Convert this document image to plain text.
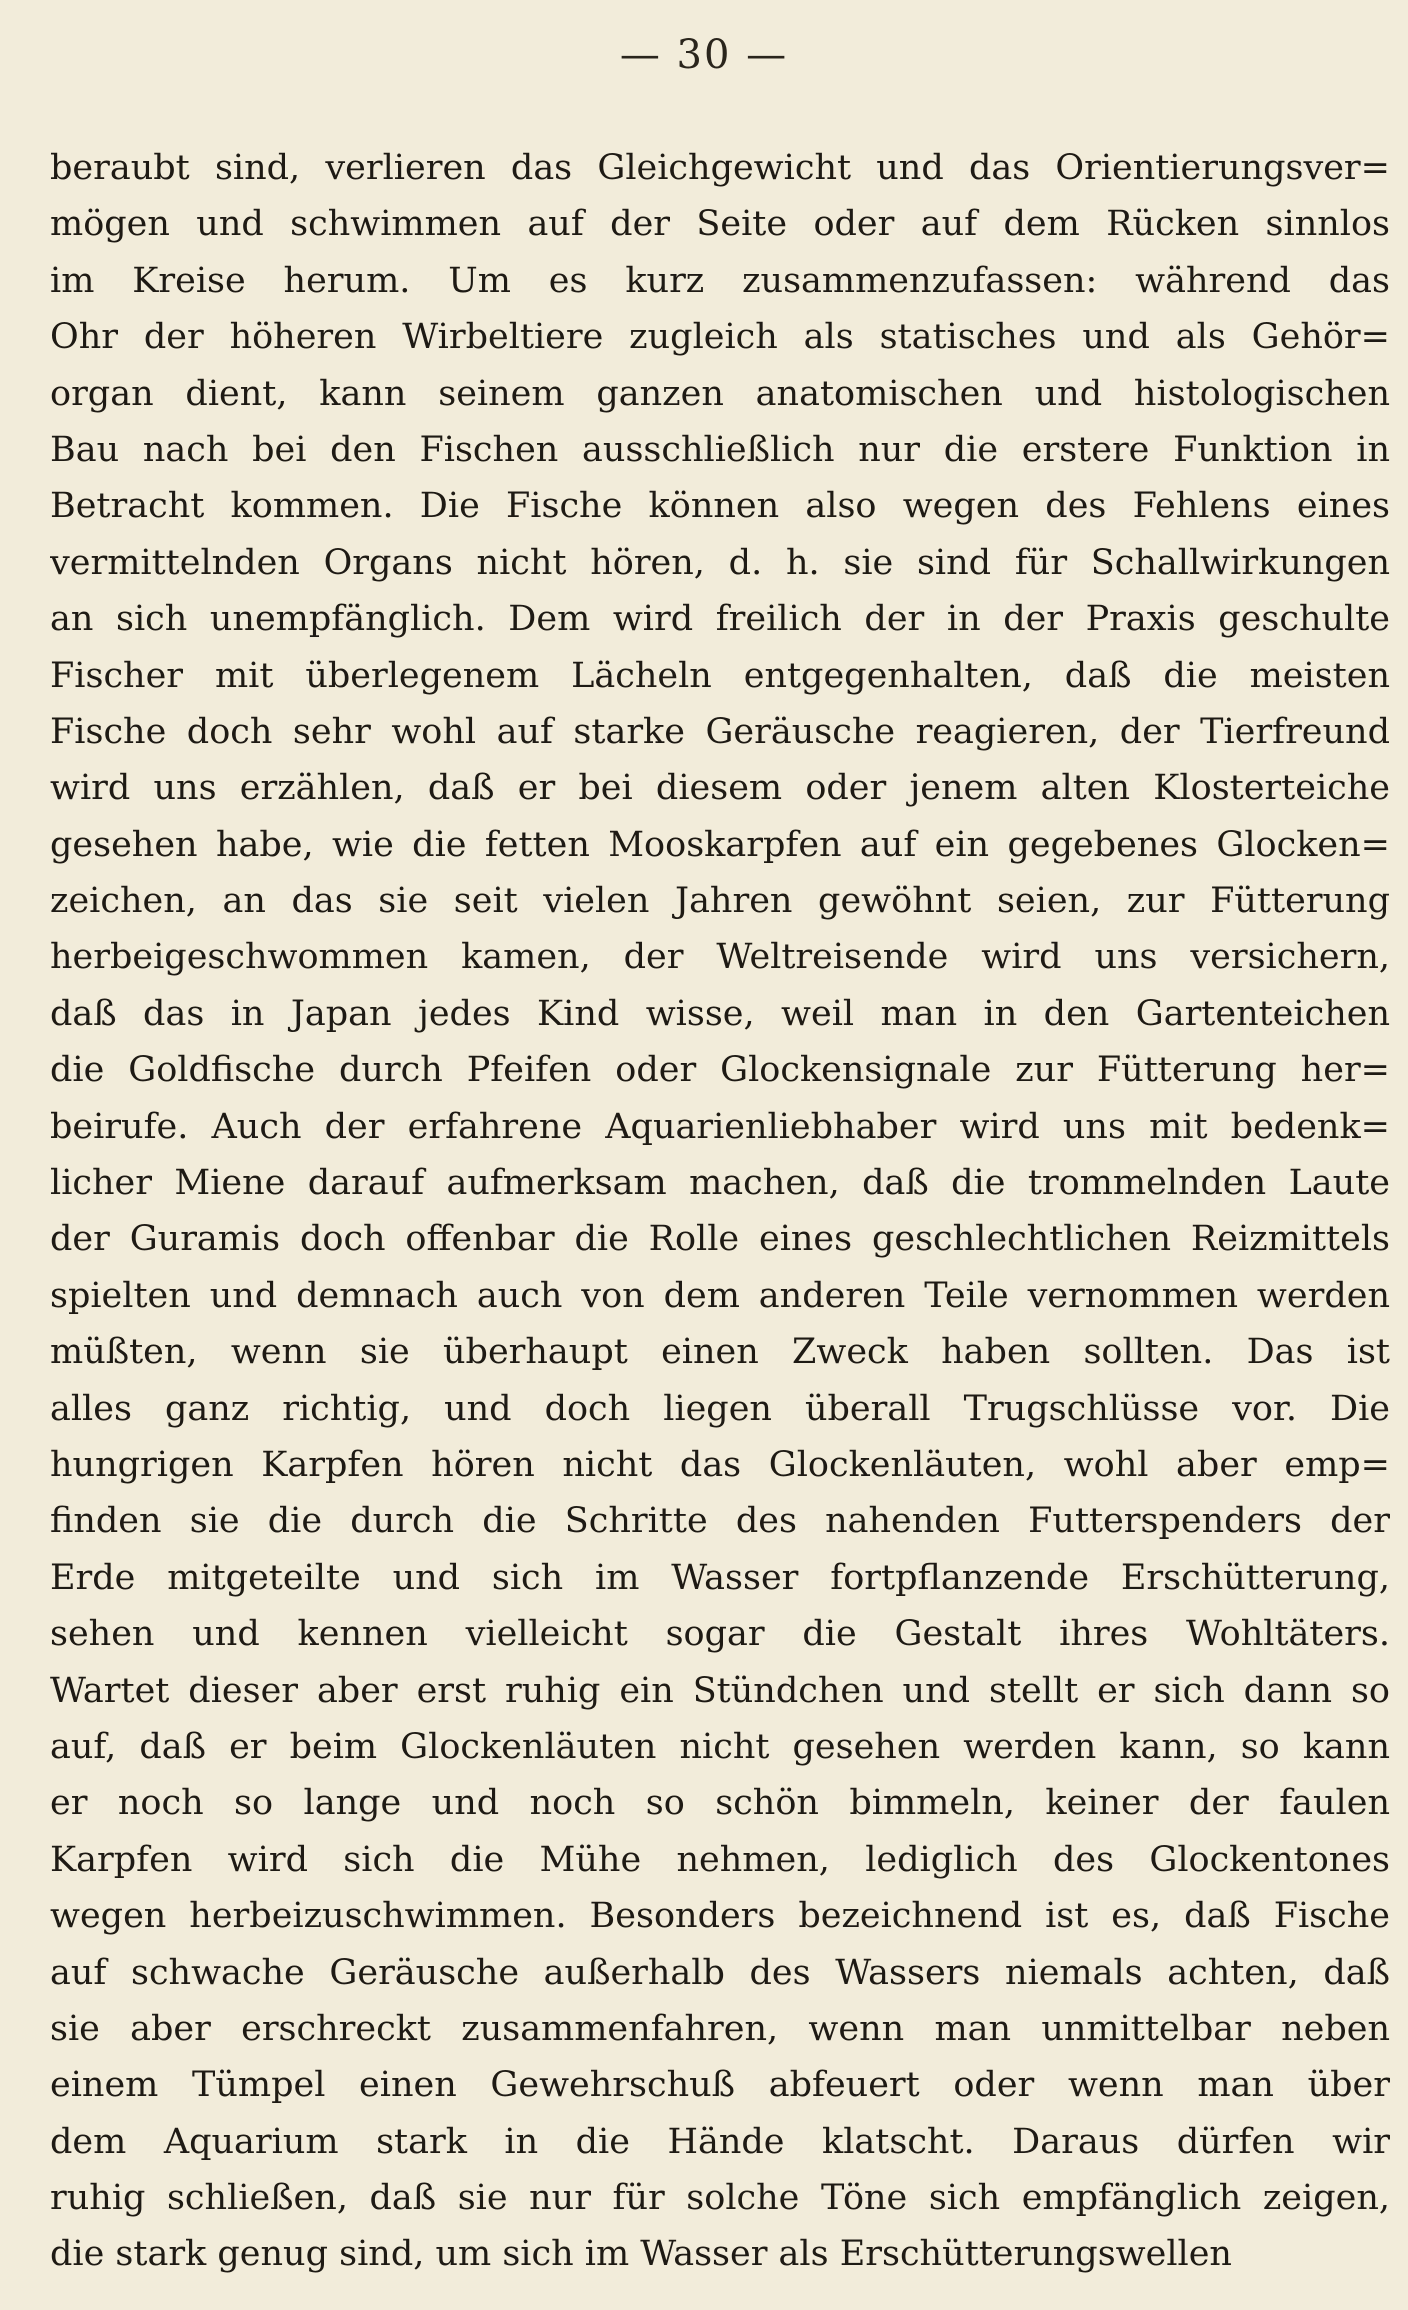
— 30 —
beraubt sind, verlieren das Gleichgewicht und das Orientierungsver=
mögen und schwimmen auf der Seite oder auf dem Rücken sinnlos
im Kreise herum. Um es kurz zusammenzufassen: während das
Ohr der höheren Wirbeltiere zugleich als statisches und als Gehör=
organ dient, kann seinem ganzen anatomischen und histologischen
Bau nach bei den Fischen ausschließlich nur die erstere Funktion in
Betracht kommen. Die Fische können also wegen des Fehlens eines
vermittelnden Organs nicht hören, d. h. sie sind für Schallwirkungen
an sich unempfänglich. Dem wird freilich der in der Praxis geschulte
Fischer mit überlegenem Lächeln entgegenhalten, daß die meisten
Fische doch sehr wohl auf starke Geräusche reagieren, der Tierfreund
wird uns erzählen, daß er bei diesem oder jenem alten Klosterteiche
gesehen habe, wie die fetten Mooskarpfen auf ein gegebenes Glocken=
zeichen, an das sie seit vielen Jahren gewöhnt seien, zur Fütterung
herbeigeschwommen kamen, der Weltreisende wird uns versichern,
daß das in Japan jedes Kind wisse, weil man in den Gartenteichen
die Goldfische durch Pfeifen oder Glockensignale zur Fütterung her=
beirufe. Auch der erfahrene Aquarienliebhaber wird uns mit bedenk=
licher Miene darauf aufmerksam machen, daß die trommelnden Laute
der Guramis doch offenbar die Rolle eines geschlechtlichen Reizmittels
spielten und demnach auch von dem anderen Teile vernommen werden
müßten, wenn sie überhaupt einen Zweck haben sollten. Das ist
alles ganz richtig, und doch liegen überall Trugschlüsse vor. Die
hungrigen Karpfen hören nicht das Glockenläuten, wohl aber emp=
finden sie die durch die Schritte des nahenden Futterspenders der
Erde mitgeteilte und sich im Wasser fortpflanzende Erschütterung,
sehen und kennen vielleicht sogar die Gestalt ihres Wohltäters.
Wartet dieser aber erst ruhig ein Stündchen und stellt er sich dann so
auf, daß er beim Glockenläuten nicht gesehen werden kann, so kann
er noch so lange und noch so schön bimmeln, keiner der faulen
Karpfen wird sich die Mühe nehmen, lediglich des Glockentones
wegen herbeizuschwimmen. Besonders bezeichnend ist es, daß Fische
auf schwache Geräusche außerhalb des Wassers niemals achten, daß
sie aber erschreckt zusammenfahren, wenn man unmittelbar neben
einem Tümpel einen Gewehrschuß abfeuert oder wenn man über
dem Aquarium stark in die Hände klatscht. Daraus dürfen wir
ruhig schließen, daß sie nur für solche Töne sich empfänglich zeigen,
die stark genug sind, um sich im Wasser als Erschütterungswellen
